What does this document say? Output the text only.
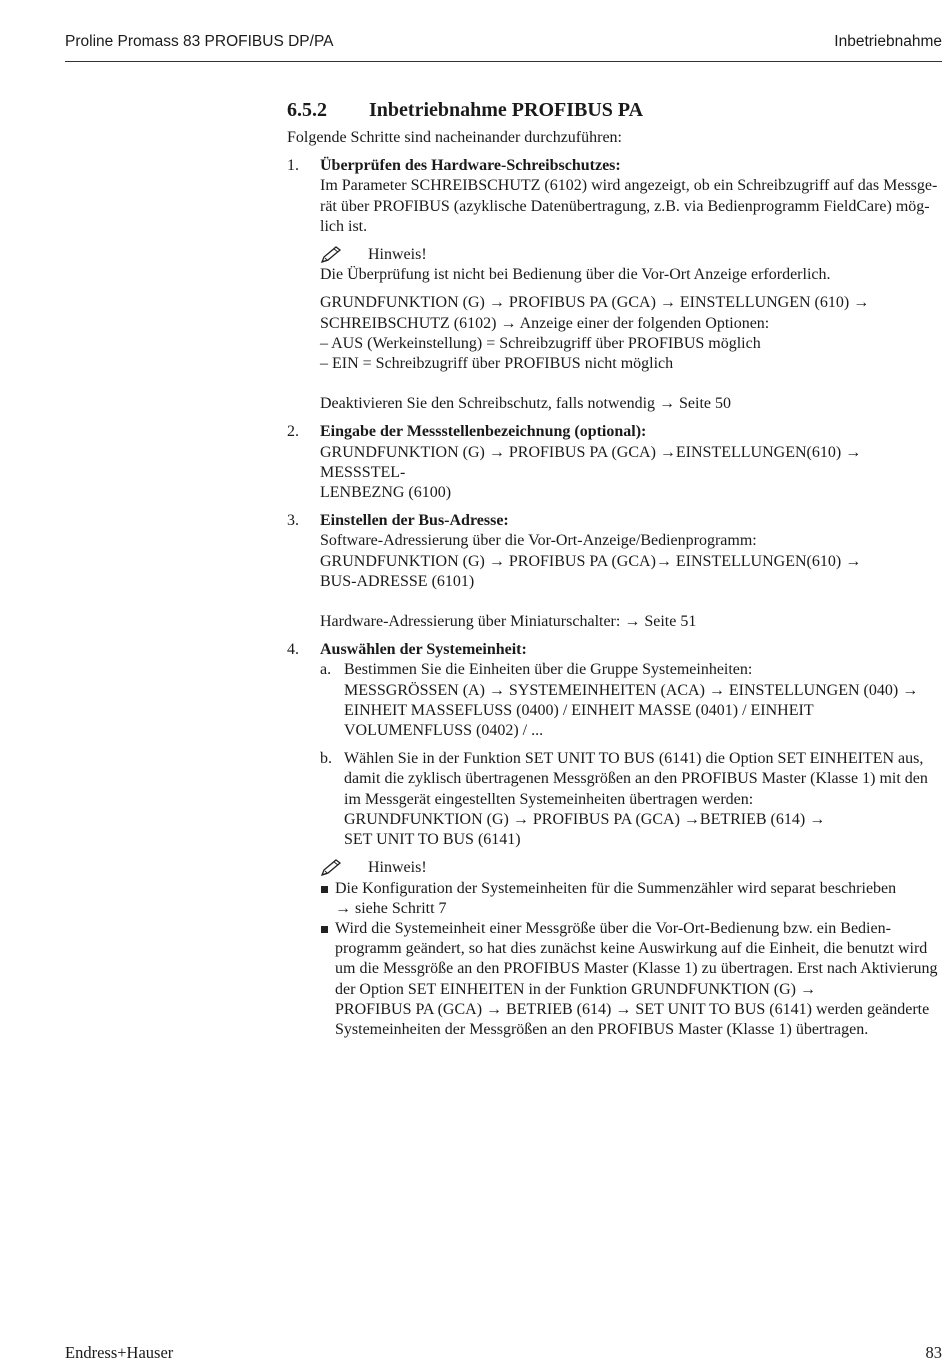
Proline Promass 83 PROFIBUS DP/PA	Inbetriebnahme
6.5.2 Inbetriebnahme PROFIBUS PA

Folgende Schritte sind nacheinander durchzuführen:

1. Überprüfen des Hardware-Schreibschutzes:
Im Parameter SCHREIBSCHUTZ (6102) wird angezeigt, ob ein Schreibzugriff auf das Messge-
rät über PROFIBUS (azyklische Datenübertragung, z.B. via Bedienprogramm FieldCare) mög-
lich ist.
Hinweis!
Die Überprüfung ist nicht bei Bedienung über die Vor-Ort Anzeige erforderlich.
GRUNDFUNKTION (G) → PROFIBUS PA (GCA) → EINSTELLUNGEN (610) →
SCHREIBSCHUTZ (6102) → Anzeige einer der folgenden Optionen:
– AUS (Werkeinstellung) = Schreibzugriff über PROFIBUS möglich
– EIN = Schreibzugriff über PROFIBUS nicht möglich
Deaktivieren Sie den Schreibschutz, falls notwendig → Seite 50
2. Eingabe der Messstellenbezeichnung (optional):
GRUNDFUNKTION (G) → PROFIBUS PA (GCA) →EINSTELLUNGEN(610) → MESSSTEL-
LENBEZNG (6100)
3. Einstellen der Bus-Adresse:
Software-Adressierung über die Vor-Ort-Anzeige/Bedienprogramm:
GRUNDFUNKTION (G) → PROFIBUS PA (GCA)→ EINSTELLUNGEN(610) →
BUS-ADRESSE (6101)
Hardware-Adressierung über Miniaturschalter: → Seite 51
4. Auswählen der Systemeinheit:
a. Bestimmen Sie die Einheiten über die Gruppe Systemeinheiten:
MESSGRÖSSEN (A) → SYSTEMEINHEITEN (ACA) → EINSTELLUNGEN (040) →
EINHEIT MASSEFLUSS (0400) / EINHEIT MASSE (0401) / EINHEIT
VOLUMENFLUSS (0402) / ...
b. Wählen Sie in der Funktion SET UNIT TO BUS (6141) die Option SET EINHEITEN aus,
damit die zyklisch übertragenen Messgrößen an den PROFIBUS Master (Klasse 1) mit den
im Messgerät eingestellten Systemeinheiten übertragen werden:
GRUNDFUNKTION (G) → PROFIBUS PA (GCA) →BETRIEB (614) →
SET UNIT TO BUS (6141)
Hinweis!
Die Konfiguration der Systemeinheiten für die Summenzähler wird separat beschrieben
→ siehe Schritt 7
Wird die Systemeinheit einer Messgröße über die Vor-Ort-Bedienung bzw. ein Bedien-
programm geändert, so hat dies zunächst keine Auswirkung auf die Einheit, die benutzt wird
um die Messgröße an den PROFIBUS Master (Klasse 1) zu übertragen. Erst nach Aktivierung
der Option SET EINHEITEN in der Funktion GRUNDFUNKTION (G) →
PROFIBUS PA (GCA) → BETRIEB (614) → SET UNIT TO BUS (6141) werden geänderte
Systemeinheiten der Messgrößen an den PROFIBUS Master (Klasse 1) übertragen.
Endress+Hauser	83
